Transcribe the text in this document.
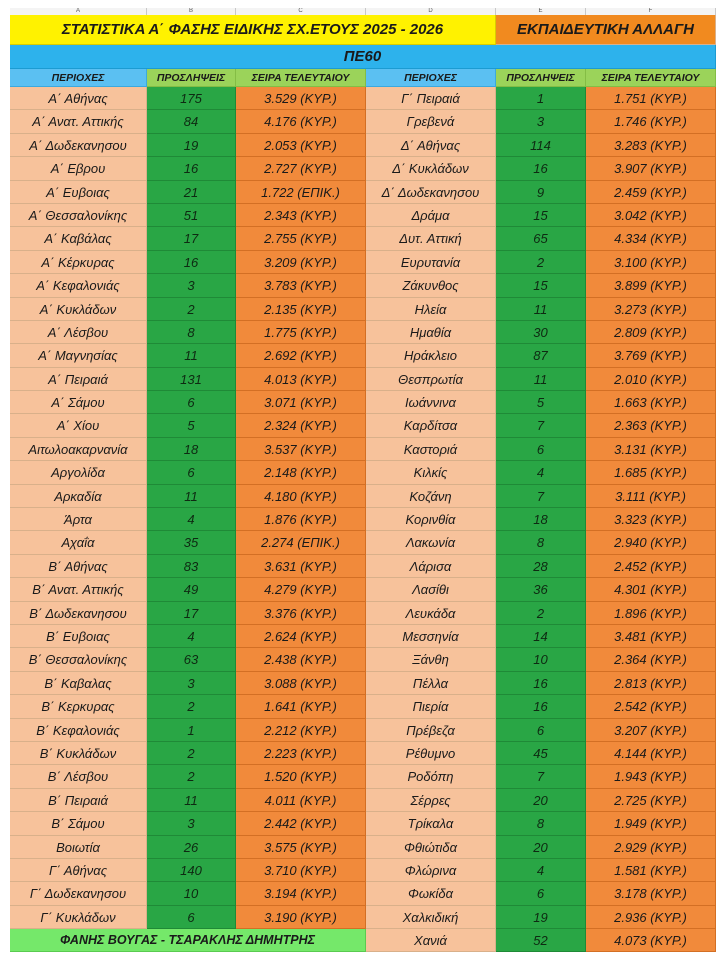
A	B	C	D	E	F
ΣΤΑΤΙΣΤΙΚΑ Α΄ ΦΑΣΗΣ ΕΙΔΙΚΗΣ ΣΧ.ΕΤΟΥΣ 2025 - 2026	ΕΚΠΑΙΔΕΥΤΙΚΗ ΑΛΛΑΓΗ
ΠΕ60
ΠΕΡΙΟΧΕΣ	ΠΡΟΣΛΗΨΕΙΣ	ΣΕΙΡΑ ΤΕΛΕΥΤΑΙΟΥ	ΠΕΡΙΟΧΕΣ	ΠΡΟΣΛΗΨΕΙΣ	ΣΕΙΡΑ ΤΕΛΕΥΤΑΙΟΥ
Α΄ Αθήνας	175	3.529 (ΚΥΡ.)	Γ΄ Πειραιά	1	1.751 (ΚΥΡ.)
Α΄ Ανατ. Αττικής	84	4.176 (ΚΥΡ.)	Γρεβενά	3	1.746 (ΚΥΡ.)
Α΄ Δωδεκανησου	19	2.053 (ΚΥΡ.)	Δ΄ Αθήνας	114	3.283 (ΚΥΡ.)
Α΄ Εβρου	16	2.727 (ΚΥΡ.)	Δ΄ Κυκλάδων	16	3.907 (ΚΥΡ.)
Α΄ Ευβοιας	21	1.722 (ΕΠΙΚ.)	Δ΄ Δωδεκανησου	9	2.459 (ΚΥΡ.)
Α΄ Θεσσαλονίκης	51	2.343 (ΚΥΡ.)	Δράμα	15	3.042 (ΚΥΡ.)
Α΄ Καβάλας	17	2.755 (ΚΥΡ.)	Δυτ. Αττική	65	4.334 (ΚΥΡ.)
Α΄ Κέρκυρας	16	3.209 (ΚΥΡ.)	Ευρυτανία	2	3.100 (ΚΥΡ.)
Α΄ Κεφαλονιάς	3	3.783 (ΚΥΡ.)	Ζάκυνθος	15	3.899 (ΚΥΡ.)
Α΄ Κυκλάδων	2	2.135 (ΚΥΡ.)	Ηλεία	11	3.273 (ΚΥΡ.)
Α΄ Λέσβου	8	1.775 (ΚΥΡ.)	Ημαθία	30	2.809 (ΚΥΡ.)
Α΄ Μαγνησίας	11	2.692 (ΚΥΡ.)	Ηράκλειο	87	3.769 (ΚΥΡ.)
Α΄ Πειραιά	131	4.013 (ΚΥΡ.)	Θεσπρωτία	11	2.010 (ΚΥΡ.)
Α΄ Σάμου	6	3.071 (ΚΥΡ.)	Ιωάννινα	5	1.663 (ΚΥΡ.)
Α΄ Χίου	5	2.324 (ΚΥΡ.)	Καρδίτσα	7	2.363 (ΚΥΡ.)
Αιτωλοακαρνανία	18	3.537 (ΚΥΡ.)	Καστοριά	6	3.131 (ΚΥΡ.)
Αργολίδα	6	2.148 (ΚΥΡ.)	Κιλκίς	4	1.685 (ΚΥΡ.)
Αρκαδία	11	4.180 (ΚΥΡ.)	Κοζάνη	7	3.111 (ΚΥΡ.)
Άρτα	4	1.876 (ΚΥΡ.)	Κορινθία	18	3.323 (ΚΥΡ.)
Αχαΐα	35	2.274 (ΕΠΙΚ.)	Λακωνία	8	2.940 (ΚΥΡ.)
Β΄ Αθήνας	83	3.631 (ΚΥΡ.)	Λάρισα	28	2.452 (ΚΥΡ.)
Β΄ Ανατ. Αττικής	49	4.279 (ΚΥΡ.)	Λασίθι	36	4.301 (ΚΥΡ.)
Β΄ Δωδεκανησου	17	3.376 (ΚΥΡ.)	Λευκάδα	2	1.896 (ΚΥΡ.)
Β΄ Ευβοιας	4	2.624 (ΚΥΡ.)	Μεσσηνία	14	3.481 (ΚΥΡ.)
Β΄ Θεσσαλονίκης	63	2.438 (ΚΥΡ.)	Ξάνθη	10	2.364 (ΚΥΡ.)
Β΄ Καβαλας	3	3.088 (ΚΥΡ.)	Πέλλα	16	2.813 (ΚΥΡ.)
Β΄ Κερκυρας	2	1.641 (ΚΥΡ.)	Πιερία	16	2.542 (ΚΥΡ.)
Β΄ Κεφαλονιάς	1	2.212 (ΚΥΡ.)	Πρέβεζα	6	3.207 (ΚΥΡ.)
Β΄ Κυκλάδων	2	2.223 (ΚΥΡ.)	Ρέθυμνο	45	4.144 (ΚΥΡ.)
Β΄ Λέσβου	2	1.520 (ΚΥΡ.)	Ροδόπη	7	1.943 (ΚΥΡ.)
Β΄ Πειραιά	11	4.011 (ΚΥΡ.)	Σέρρες	20	2.725 (ΚΥΡ.)
Β΄ Σάμου	3	2.442 (ΚΥΡ.)	Τρίκαλα	8	1.949 (ΚΥΡ.)
Βοιωτία	26	3.575 (ΚΥΡ.)	Φθιώτιδα	20	2.929 (ΚΥΡ.)
Γ΄ Αθήνας	140	3.710 (ΚΥΡ.)	Φλώρινα	4	1.581 (ΚΥΡ.)
Γ΄ Δωδεκανησου	10	3.194 (ΚΥΡ.)	Φωκίδα	6	3.178 (ΚΥΡ.)
Γ΄ Κυκλάδων	6	3.190 (ΚΥΡ.)	Χαλκιδική	19	2.936 (ΚΥΡ.)
ΦΑΝΗΣ ΒΟΥΓΑΣ - ΤΣΑΡΑΚΛΗΣ ΔΗΜΗΤΡΗΣ	Χανιά	52	4.073 (ΚΥΡ.)
